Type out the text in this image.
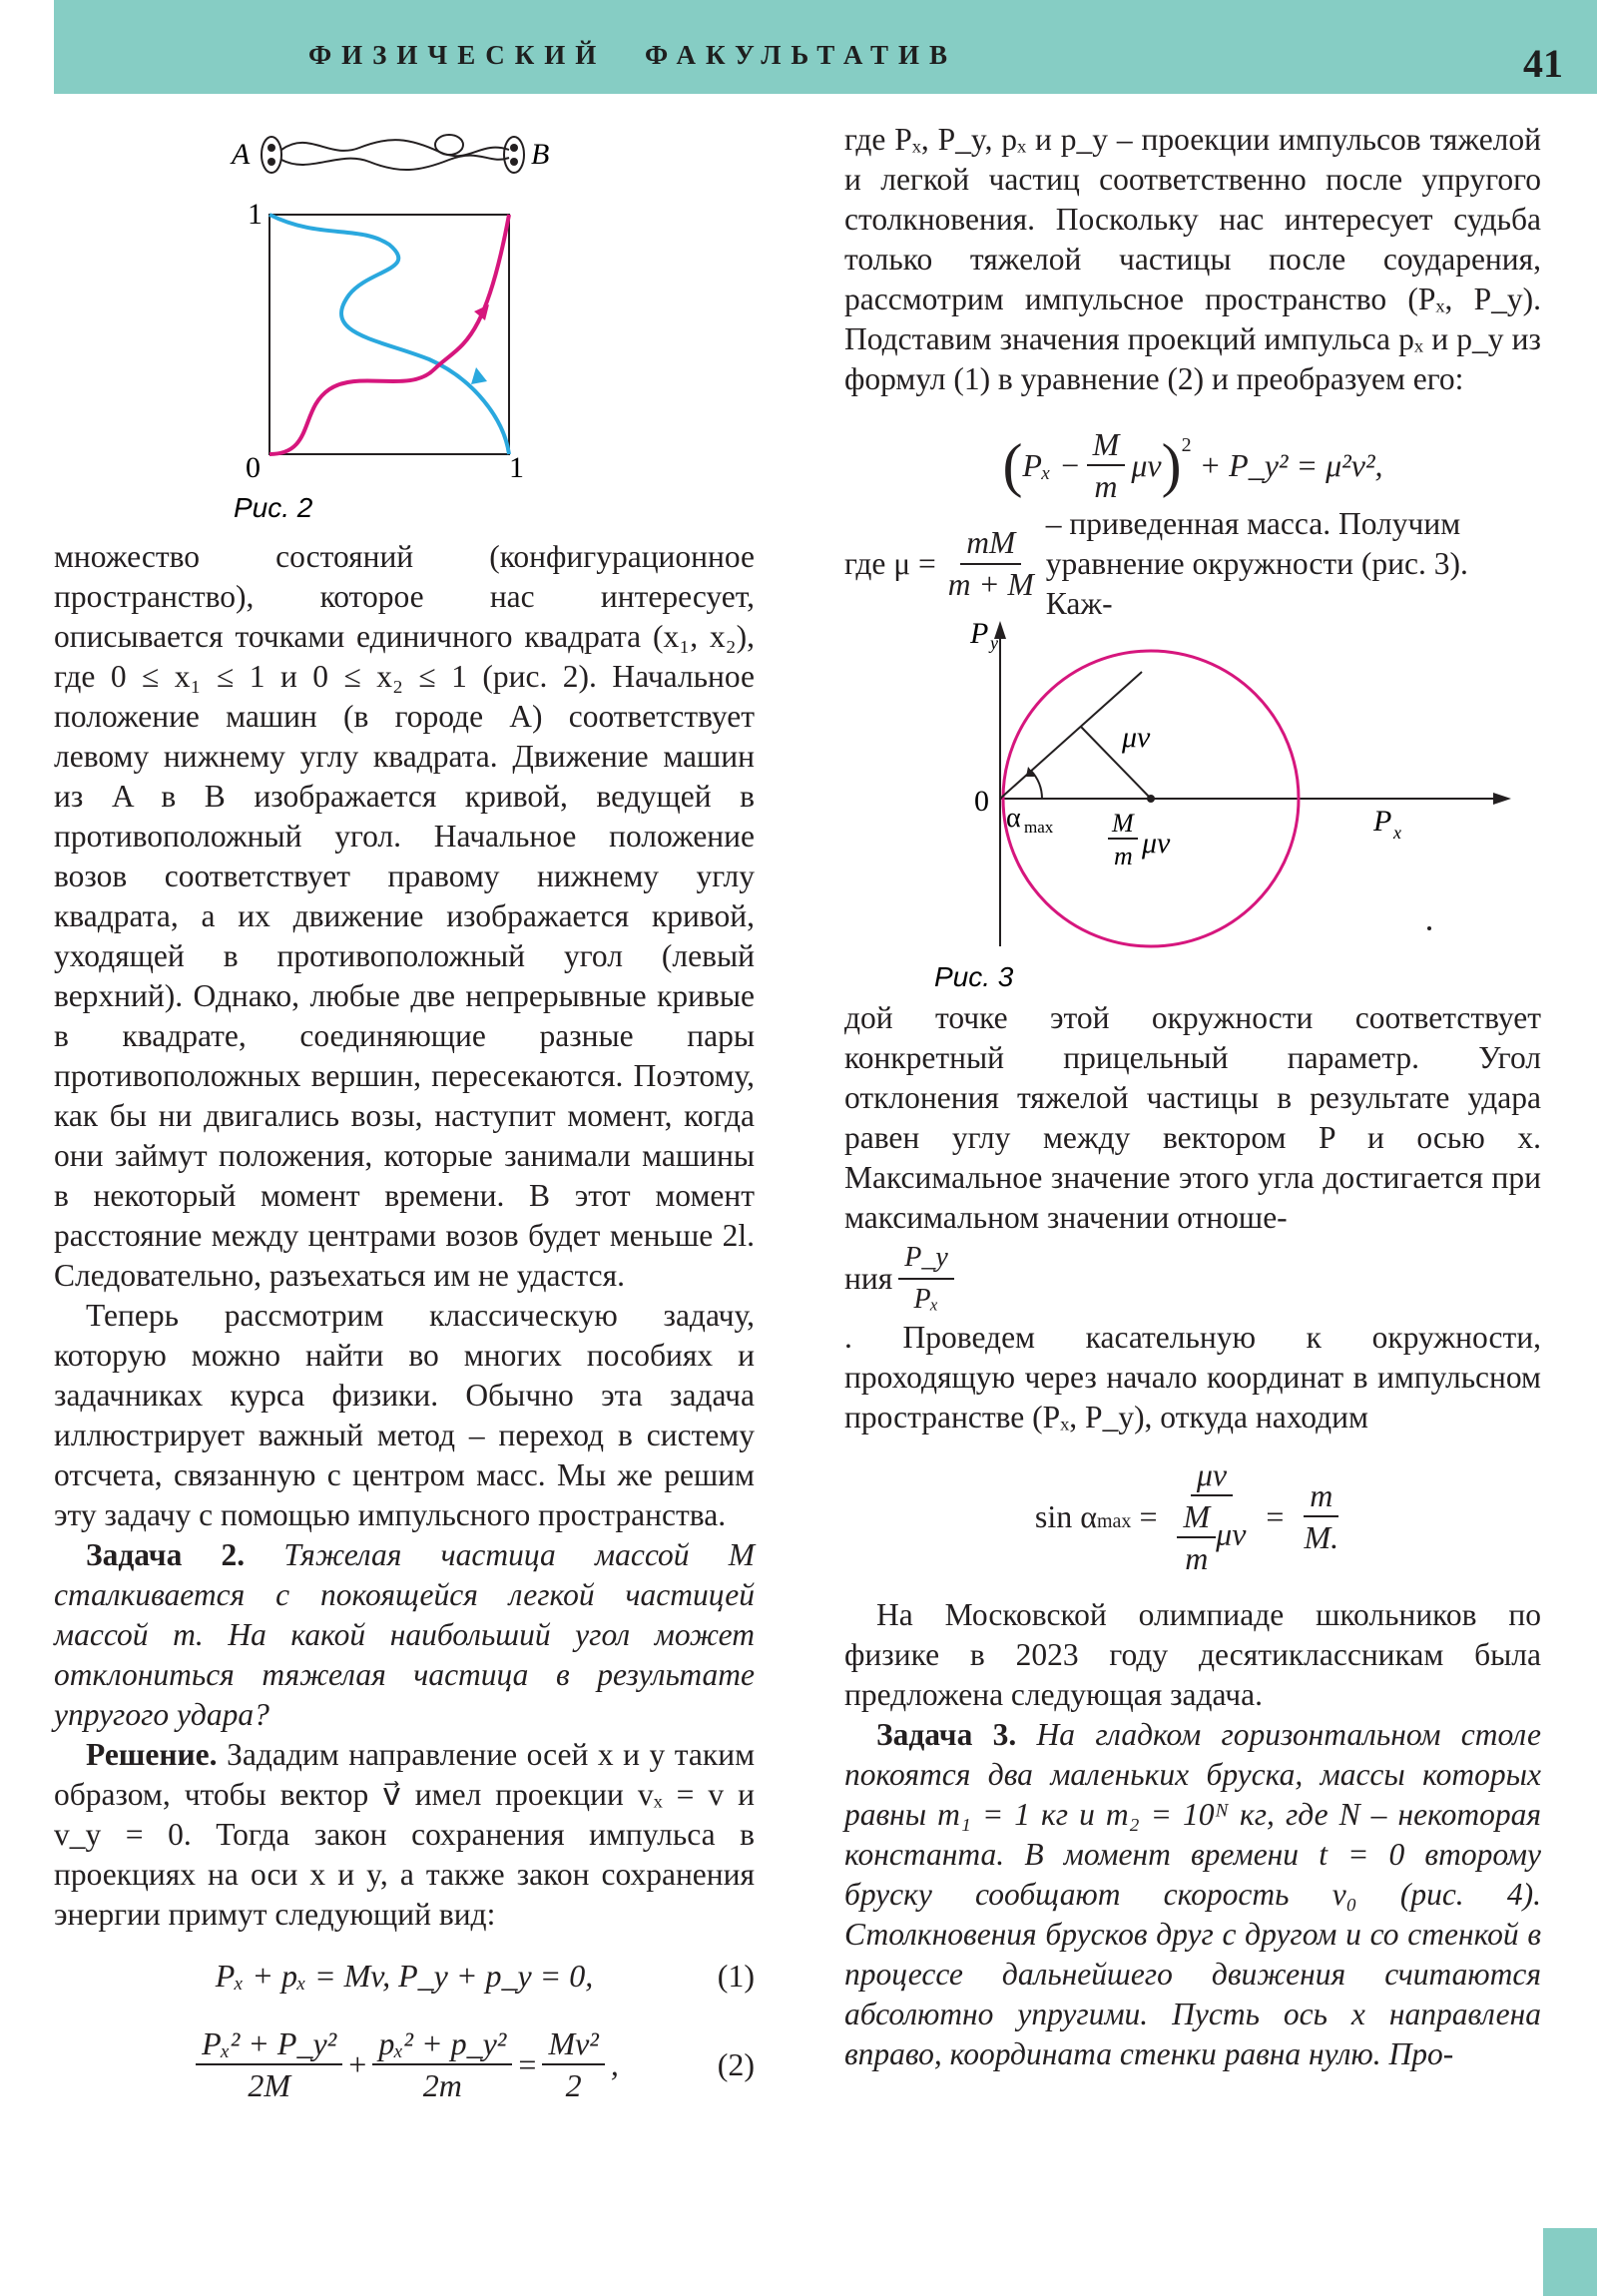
ФИЗИЧЕСКИЙ ФАКУЛЬТАТИВ	41
A	B
1
0	1
Рис. 2

множество состояний (конфигурационное пространство), которое нас интересует, описывается точками единичного квадрата (x₁, x₂), где 0 ≤ x₁ ≤ 1 и 0 ≤ x₂ ≤ 1 (рис. 2). Начальное положение машин (в городе A) соответствует левому нижнему углу квадрата. Движение машин из A в B изображается кривой, ведущей в противоположный угол. Начальное положение возов соответствует правому нижнему углу квадрата, а их движение изображается кривой, уходящей в противоположный угол (левый верхний). Однако, любые две непрерывные кривые в квадрате, соединяющие разные пары противоположных вершин, пересекаются. Поэтому, как бы ни двигались возы, наступит момент, когда они займут положения, которые занимали машины в некоторый момент времени. В этот момент расстояние между центрами возов будет меньше 2l. Следовательно, разъехаться им не удастся.

Теперь рассмотрим классическую задачу, которую можно найти во многих пособиях и задачниках курса физики. Обычно эта задача иллюстрирует важный метод – переход в систему отсчета, связанную с центром масс. Мы же решим эту задачу с помощью импульсного пространства.

Задача 2. Тяжелая частица массой M сталкивается с покоящейся легкой частицей массой m. На какой наибольший угол может отклониться тяжелая частица в результате упругого удара?

Решение. Зададим направление осей x и y таким образом, чтобы вектор v⃗ имел проекции vₓ = v и v_y = 0. Тогда закон сохранения импульса в проекциях на оси x и y, а также закон сохранения энергии примут следующий вид:

Pₓ + pₓ = Mv, P_y + p_y = 0,	(1)
$\frac{\text{Pₓ² + P\_y²}}{2M} + \frac{\text{pₓ² + p\_y²}}{2m} = \frac{\text{Mv²}}{2}$ ,	(2)

где Pₓ, P_y, pₓ и p_y – проекции импульсов тяжелой и легкой частиц соответственно после упругого столкновения. Поскольку нас интересует судьба только тяжелой частицы после соударения, рассмотрим импульсное пространство (Pₓ, P_y). Подставим значения проекций импульса pₓ и p_y из формул (1) в уравнение (2) и преобразуем его:

( $P_x - \frac{M}{m}$ μv )$^2$
+ P_y² = μ²v²,
где $\mu = \frac{mM}{m + M}$ – приведенная масса. Получим уравнение окружности (рис. 3). Каж-
P y
0
α max
μv
M
m μv
P x
Рис. 3

дой точке этой окружности соответствует конкретный прицельный параметр. Угол отклонения тяжелой частицы в результате удара равен углу между вектором P и осью x. Максимальное значение этого угла достигается при максимальном значении отноше-

ния $\frac{P\_y}{\text{Pₓ}}$

. Проведем касательную к окружности, проходящую через начало координат в импульсном пространстве (Pₓ, P_y), откуда находим

sin α $\max = \frac{\mu v}{\frac{M}{m} \mu v} = \frac{m}{M.}$

На Московской олимпиаде школьников по физике в 2023 году десятиклассникам была предложена следующая задача.

Задача 3. На гладком горизонтальном столе покоятся два маленьких бруска, массы которых равны m₁ = 1 кг и m₂ = 10ᴺ кг, где N – некоторая константа. В момент времени t = 0 второму бруску сообщают скорость v₀ (рис. 4). Столкновения брусков друг с другом и со стенкой в процессе дальнейшего движения считаются абсолютно упругими. Пусть ось x направлена вправо, координата стенки равна нулю. Про-
